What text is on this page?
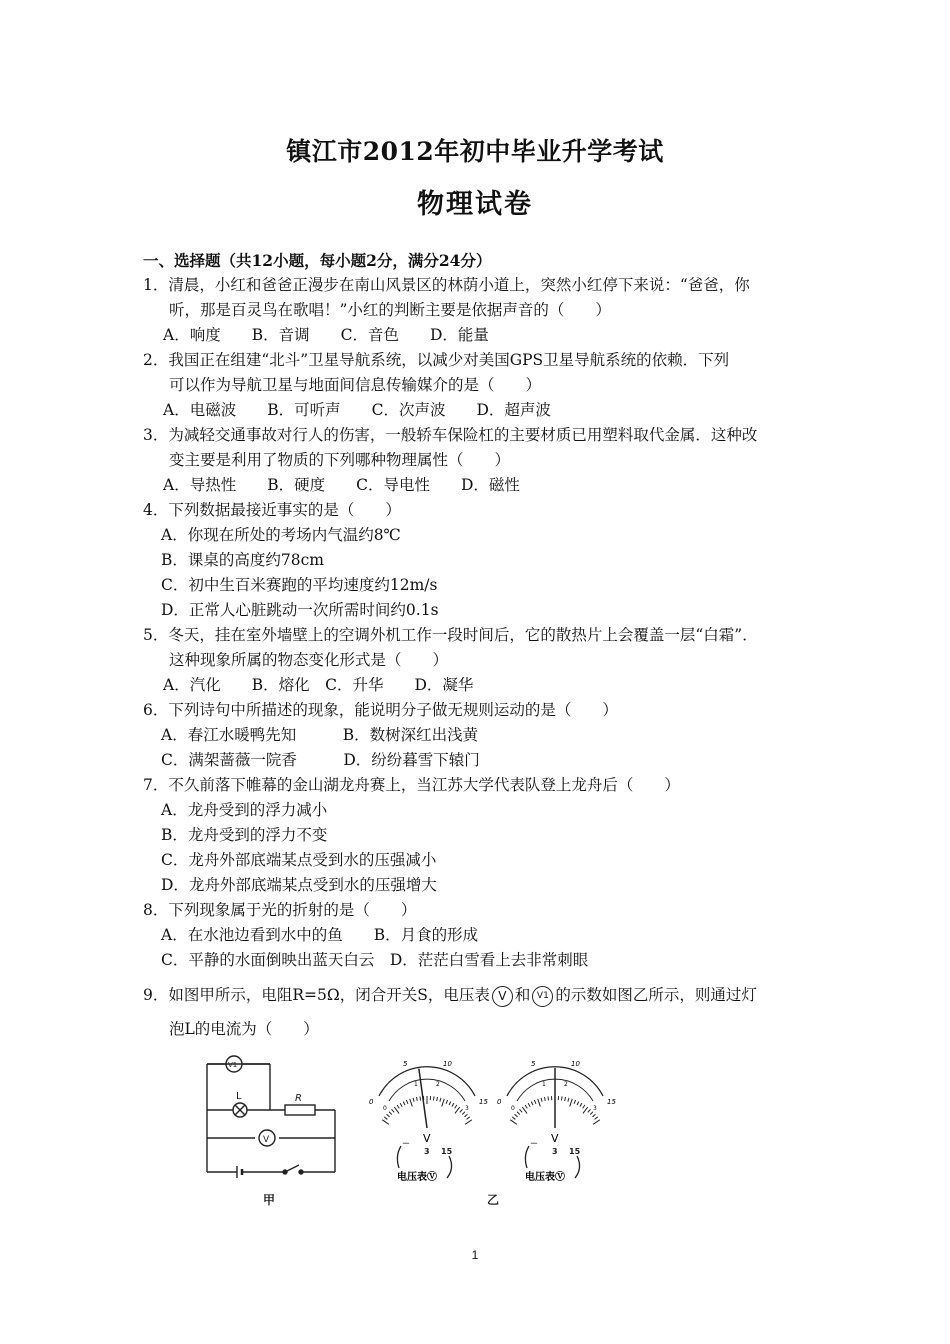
镇江市2012年初中毕业升学考试
物理试卷
一、选择题（共12小题，每小题2分，满分24分）
1．清晨，小红和爸爸正漫步在南山风景区的林荫小道上，突然小红停下来说：“爸爸，你
听，那是百灵鸟在歌唱！”小红的判断主要是依据声音的（　　）
A．响度　　B．音调　　C．音色　　D．能量
2．我国正在组建“北斗”卫星导航系统，以减少对美国GPS卫星导航系统的依赖．下列
可以作为导航卫星与地面间信息传输媒介的是（　　）
A．电磁波　　B．可听声　　C．次声波　　D．超声波
3．为减轻交通事故对行人的伤害，一般轿车保险杠的主要材质已用塑料取代金属．这种改
变主要是利用了物质的下列哪种物理属性（　　）
A．导热性　　B．硬度　　C．导电性　　D．磁性
4．下列数据最接近事实的是（　　）
A．你现在所处的考场内气温约8℃
B．课桌的高度约78cm
C．初中生百米赛跑的平均速度约12m/s
D．正常人心脏跳动一次所需时间约0.1s
5．冬天，挂在室外墙壁上的空调外机工作一段时间后，它的散热片上会覆盖一层“白霜”．
这种现象所属的物态变化形式是（　　）
A．汽化　　B．熔化　C．升华　　D．凝华
6．下列诗句中所描述的现象，能说明分子做无规则运动的是（　　）
A．春江水暖鸭先知　　　B．数树深红出浅黄
C．满架蔷薇一院香　　　D．纷纷暮雪下辕门
7．不久前落下帷幕的金山湖龙舟赛上，当江苏大学代表队登上龙舟后（　　）
A．龙舟受到的浮力减小
B．龙舟受到的浮力不变
C．龙舟外部底端某点受到水的压强减小
D．龙舟外部底端某点受到水的压强增大
8．下列现象属于光的折射的是（　　）
A．在水池边看到水中的鱼　　B．月食的形成
C．平静的水面倒映出蓝天白云　D．茫茫白雪看上去非常刺眼
9．如图甲所示，电阻R=5Ω，闭合开关S，电压表 V 和 V1 的示数如图乙所示，则通过灯
泡L的电流为（　　）
V1
L	R
V
甲	乙
V
0
5	10
15
0
1	2
3
－
3 15
电压表Ⓥ
V
0
5	10
15
0
1	2
3
－
3 15
电压表Ⓥ
1
